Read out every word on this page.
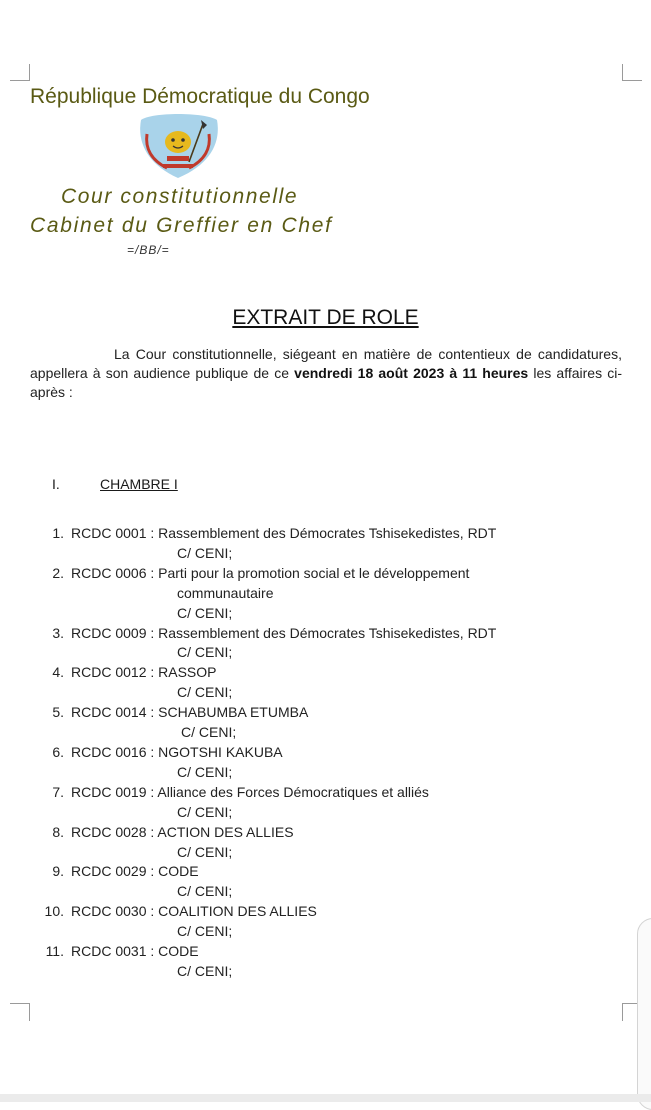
République Démocratique du Congo
Cour constitutionnelle
Cabinet du Greffier en Chef
=/BB/=
EXTRAIT DE ROLE
La Cour constitutionnelle, siégeant en matière de contentieux de candidatures, appellera à son audience publique de ce vendredi 18 août 2023 à 11 heures les affaires ci-après :
I.	CHAMBRE I
1. RCDC 0001 : Rassemblement des Démocrates Tshisekedistes, RDT
C/ CENI;
2. RCDC 0006 : Parti pour la promotion social et le développement
communautaire
C/ CENI;
3. RCDC 0009 : Rassemblement des Démocrates Tshisekedistes, RDT
C/ CENI;
4. RCDC 0012 : RASSOP
C/ CENI;
5. RCDC 0014 : SCHABUMBA ETUMBA
C/ CENI;
6. RCDC 0016 : NGOTSHI KAKUBA
C/ CENI;
7. RCDC 0019 : Alliance des Forces Démocratiques et alliés
C/ CENI;
8. RCDC 0028 : ACTION DES ALLIES
C/ CENI;
9. RCDC 0029 : CODE
C/ CENI;
10. RCDC 0030 : COALITION DES ALLIES
C/ CENI;
11. RCDC 0031 : CODE
C/ CENI;
